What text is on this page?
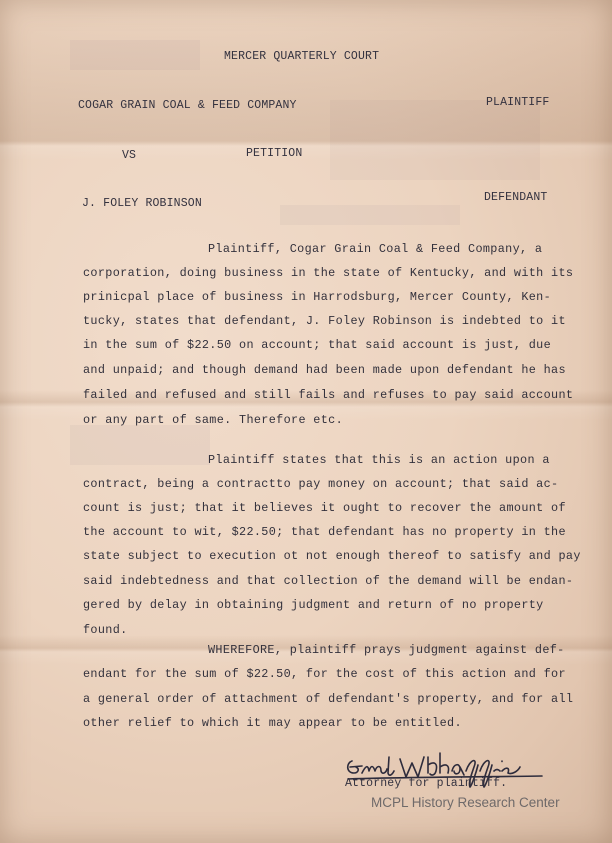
MERCER QUARTERLY COURT
COGAR GRAIN COAL & FEED COMPANY	PLAINTIFF
VS	PETITION
J. FOLEY ROBINSON	DEFENDANT
Plaintiff, Cogar Grain Coal & Feed Company, a
corporation, doing business in the state of Kentucky, and with its
prinicpal place of business in Harrodsburg, Mercer County, Ken-
tucky, states that defendant, J. Foley Robinson is indebted to it
in the sum of $22.50 on account; that said account is just, due
and unpaid; and though demand had been made upon defendant he has
failed and refused and still fails and refuses to pay said account
or any part of same. Therefore etc.
Plaintiff states that this is an action upon a
contract, being a contractto pay money on account; that said ac-
count is just; that it believes it ought to recover the amount of
the account to wit, $22.50; that defendant has no property in the
state subject to execution ot not enough thereof to satisfy and pay
said indebtedness and that collection of the demand will be endan-
gered by delay in obtaining judgment and return of no property
found.
WHEREFORE, plaintiff prays judgment against def-
endant for the sum of $22.50, for the cost of this action and for
a general order of attachment of defendant's property, and for all
other relief to which it may appear to be entitled.
Attorney for plaintiff.
MCPL History Research Center
